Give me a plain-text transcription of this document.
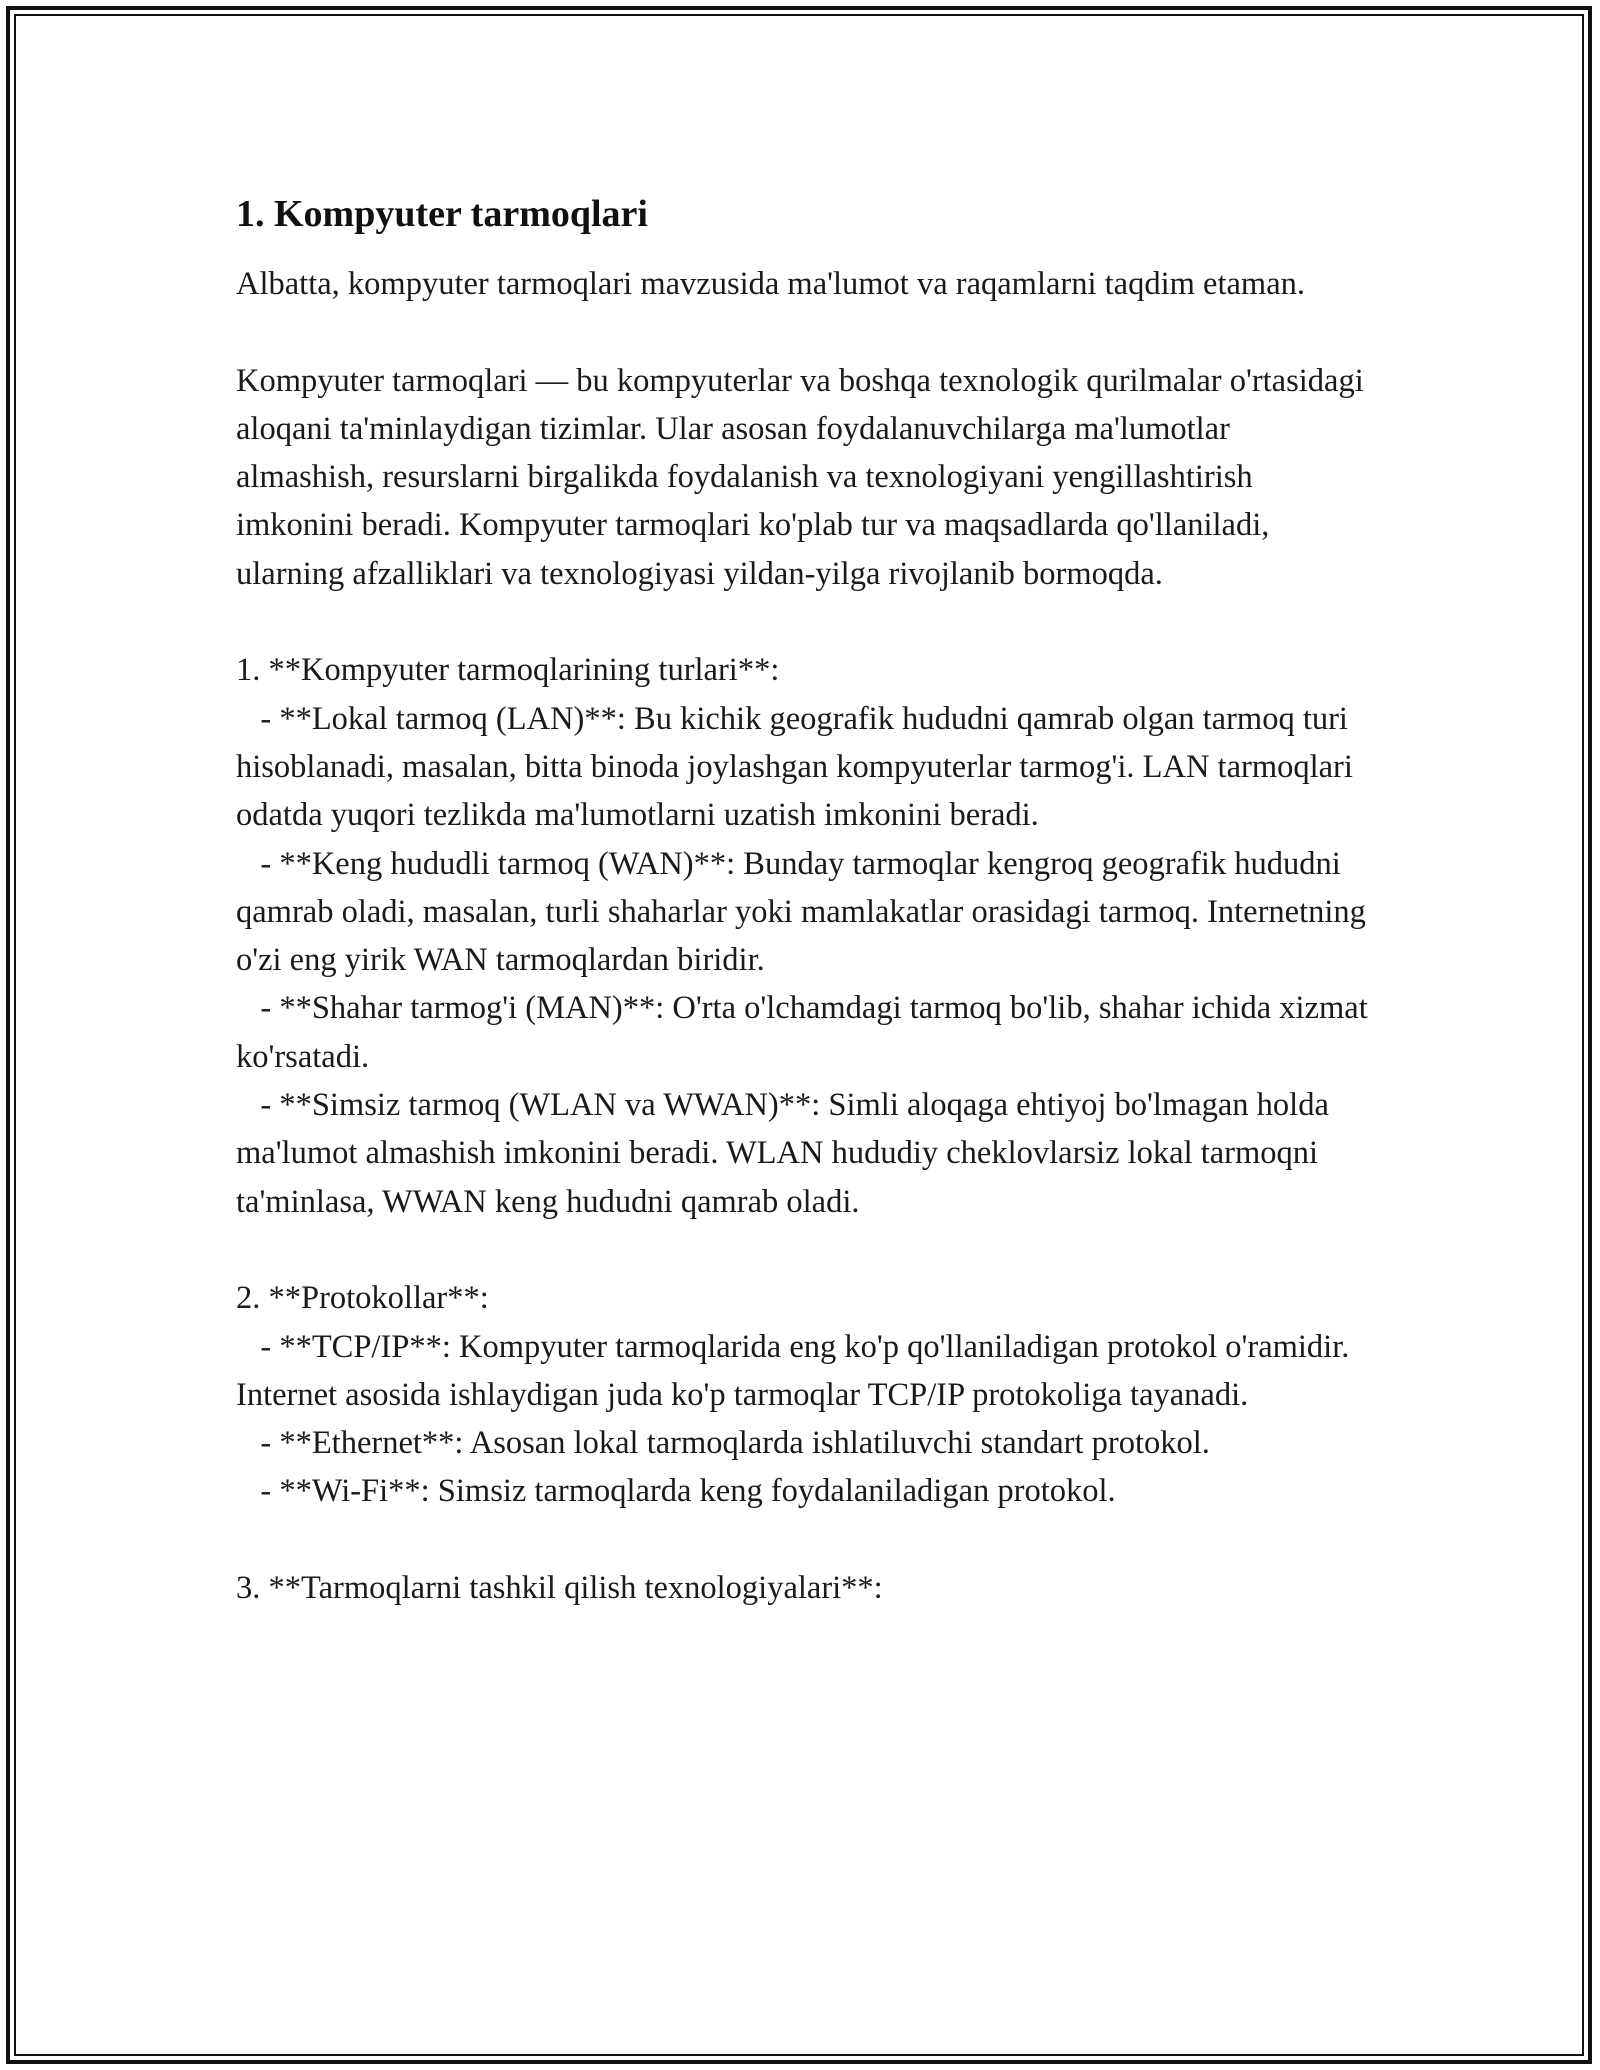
1. Kompyuter tarmoqlari

Albatta, kompyuter tarmoqlari mavzusida ma'lumot va raqamlarni taqdim etaman.

Kompyuter tarmoqlari — bu kompyuterlar va boshqa texnologik qurilmalar o'rtasidagi aloqani ta'minlaydigan tizimlar. Ular asosan foydalanuvchilarga ma'lumotlar almashish, resurslarni birgalikda foydalanish va texnologiyani yengillashtirish imkonini beradi. Kompyuter tarmoqlari ko'plab tur va maqsadlarda qo'llaniladi, ularning afzalliklari va texnologiyasi yildan-yilga rivojlanib bormoqda.

1. **Kompyuter tarmoqlarining turlari**:

- **Lokal tarmoq (LAN)**: Bu kichik geografik hududni qamrab olgan tarmoq turi hisoblanadi, masalan, bitta binoda joylashgan kompyuterlar tarmog'i. LAN tarmoqlari odatda yuqori tezlikda ma'lumotlarni uzatish imkonini beradi.

- **Keng hududli tarmoq (WAN)**: Bunday tarmoqlar kengroq geografik hududni qamrab oladi, masalan, turli shaharlar yoki mamlakatlar orasidagi tarmoq. Internetning o'zi eng yirik WAN tarmoqlardan biridir.

- **Shahar tarmog'i (MAN)**: O'rta o'lchamdagi tarmoq bo'lib, shahar ichida xizmat ko'rsatadi.

- **Simsiz tarmoq (WLAN va WWAN)**: Simli aloqaga ehtiyoj bo'lmagan holda ma'lumot almashish imkonini beradi. WLAN hududiy cheklovlarsiz lokal tarmoqni ta'minlasa, WWAN keng hududni qamrab oladi.

2. **Protokollar**:

- **TCP/IP**: Kompyuter tarmoqlarida eng ko'p qo'llaniladigan protokol o'ramidir. Internet asosida ishlaydigan juda ko'p tarmoqlar TCP/IP protokoliga tayanadi.

- **Ethernet**: Asosan lokal tarmoqlarda ishlatiluvchi standart protokol.

- **Wi-Fi**: Simsiz tarmoqlarda keng foydalaniladigan protokol.

3. **Tarmoqlarni tashkil qilish texnologiyalari**:
